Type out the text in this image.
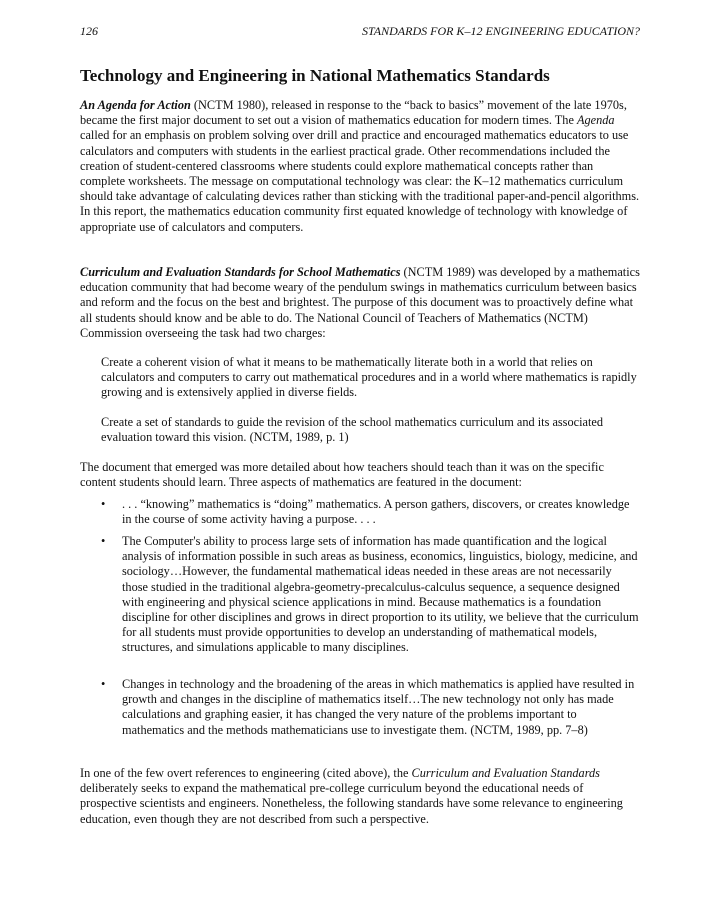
126	STANDARDS FOR K–12 ENGINEERING EDUCATION?
Technology and Engineering in National Mathematics Standards

An Agenda for Action (NCTM 1980), released in response to the “back to basics” movement of the late 1970s, became the first major document to set out a vision of mathematics education for modern times. The Agenda called for an emphasis on problem solving over drill and practice and encouraged mathematics educators to use calculators and computers with students in the earliest practical grade. Other recommendations included the creation of student-centered classrooms where students could explore mathematical concepts rather than complete worksheets. The message on computational technology was clear: the K–12 mathematics curriculum should take advantage of calculating devices rather than sticking with the traditional paper-and-pencil algorithms. In this report, the mathematics education community first equated knowledge of technology with knowledge of appropriate use of calculators and computers.

Curriculum and Evaluation Standards for School Mathematics (NCTM 1989) was developed by a mathematics education community that had become weary of the pendulum swings in mathematics curriculum between basics and reform and the focus on the best and brightest. The purpose of this document was to proactively define what all students should know and be able to do. The National Council of Teachers of Mathematics (NCTM) Commission overseeing the task had two charges:

Create a coherent vision of what it means to be mathematically literate both in a world that relies on calculators and computers to carry out mathematical procedures and in a world where mathematics is rapidly growing and is extensively applied in diverse fields.

Create a set of standards to guide the revision of the school mathematics curriculum and its associated evaluation toward this vision. (NCTM, 1989, p. 1)

The document that emerged was more detailed about how teachers should teach than it was on the specific content students should learn. Three aspects of mathematics are featured in the document:

• . . . “knowing” mathematics is “doing” mathematics. A person gathers, discovers, or creates knowledge in the course of some activity having a purpose. . . .
• The Computer's ability to process large sets of information has made quantification and the logical analysis of information possible in such areas as business, economics, linguistics, biology, medicine, and sociology…However, the fundamental mathematical ideas needed in these areas are not necessarily those studied in the traditional algebra-geometry-precalculus-calculus sequence, a sequence designed with engineering and physical science applications in mind. Because mathematics is a foundation discipline for other disciplines and grows in direct proportion to its utility, we believe that the curriculum for all students must provide opportunities to develop an understanding of mathematical models, structures, and simulations applicable to many disciplines.
• Changes in technology and the broadening of the areas in which mathematics is applied have resulted in growth and changes in the discipline of mathematics itself…The new technology not only has made calculations and graphing easier, it has changed the very nature of the problems important to mathematics and the methods mathematicians use to investigate them. (NCTM, 1989, pp. 7–8)

In one of the few overt references to engineering (cited above), the Curriculum and Evaluation Standards deliberately seeks to expand the mathematical pre-college curriculum beyond the educational needs of prospective scientists and engineers. Nonetheless, the following standards have some relevance to engineering education, even though they are not described from such a perspective.
